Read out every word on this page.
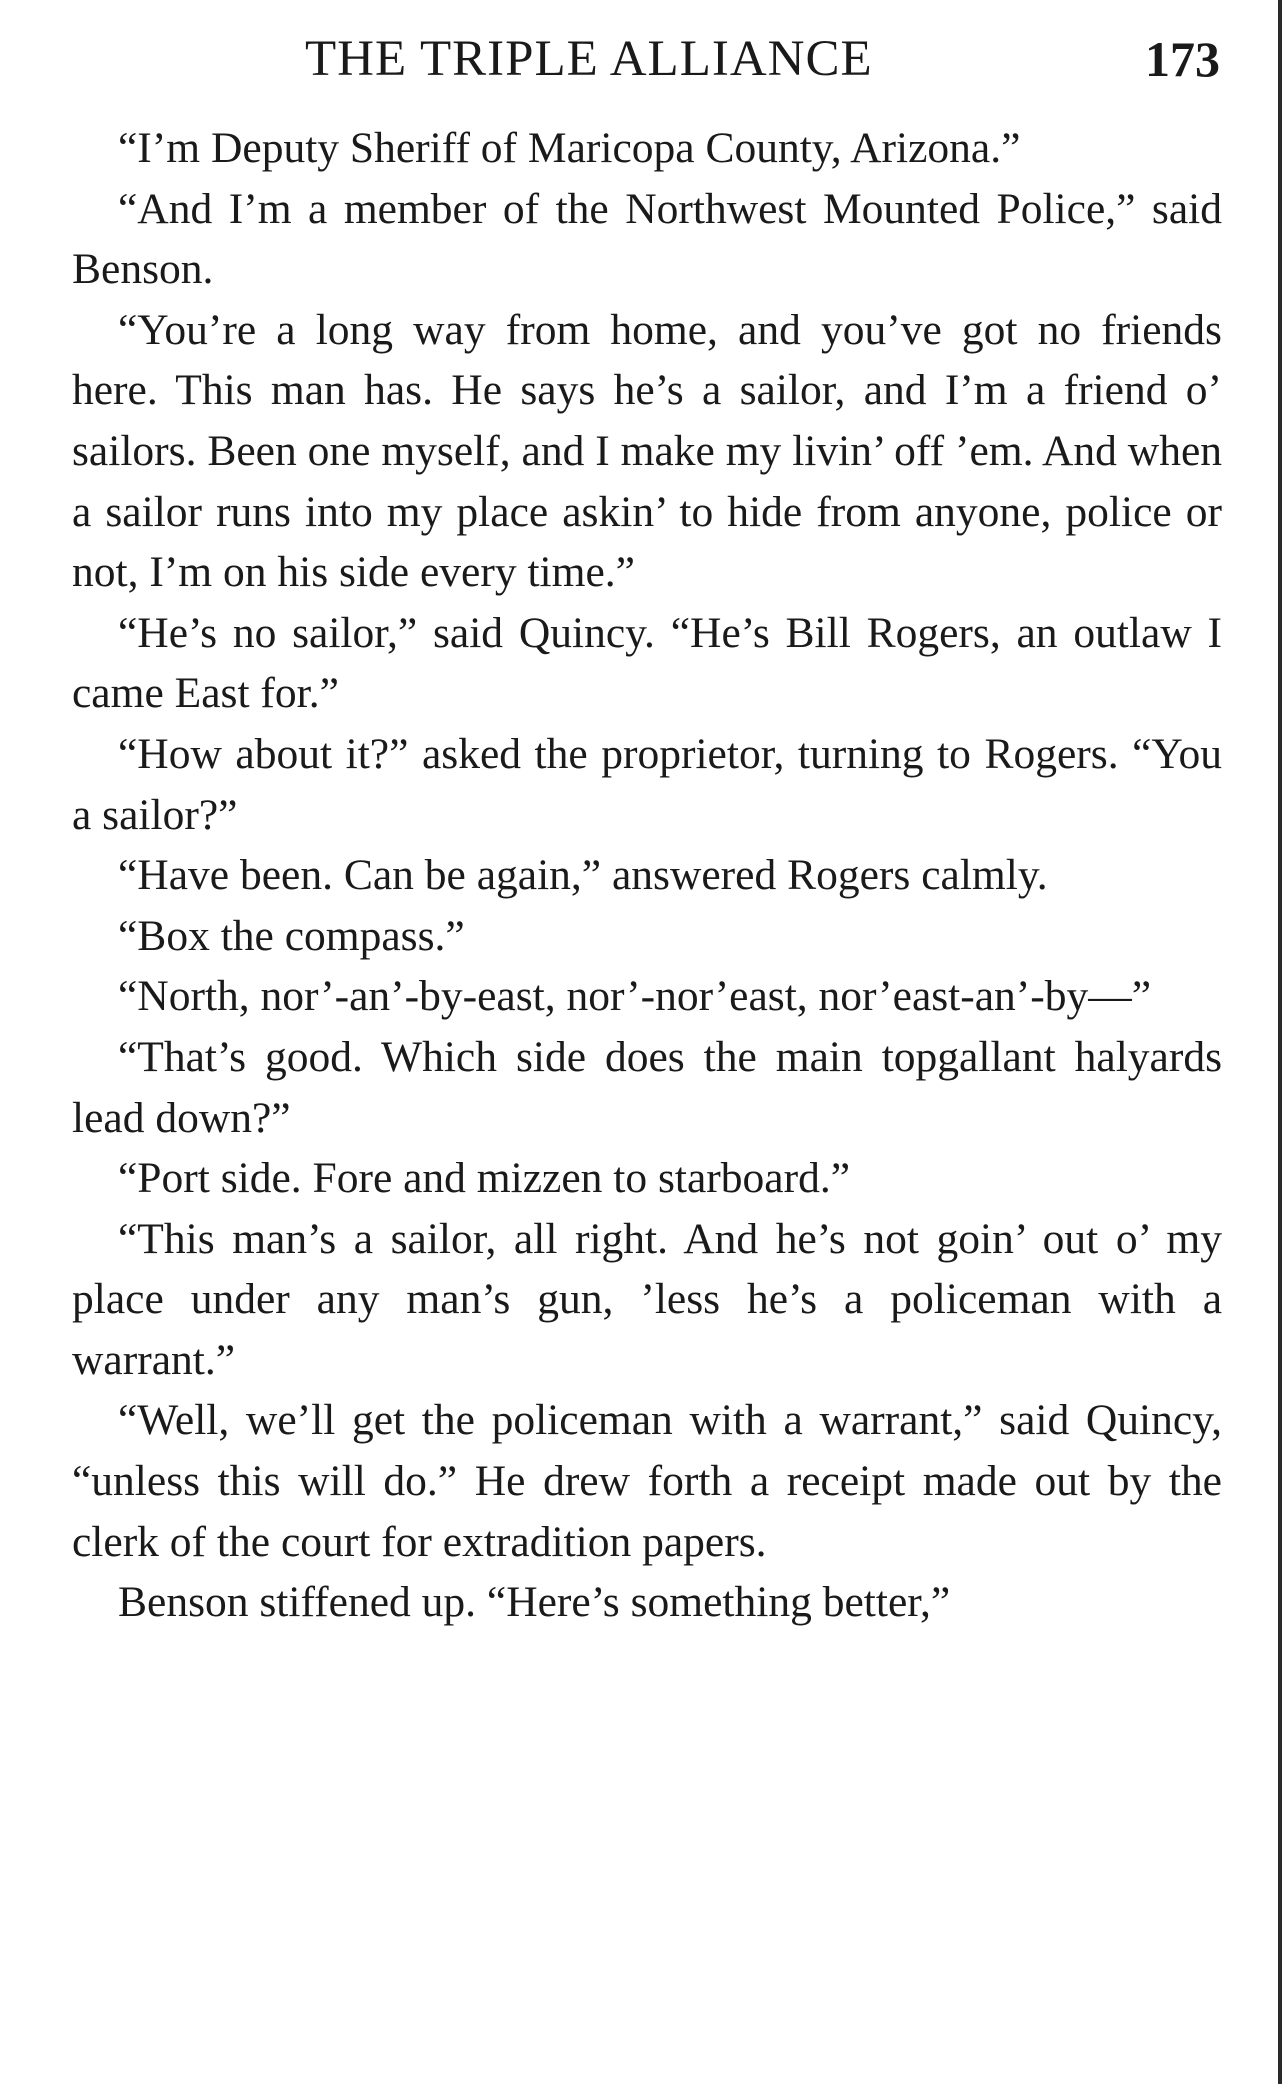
THE TRIPLE ALLIANCE	173

“I’m Deputy Sheriff of Maricopa County, Arizona.”

“And I’m a member of the Northwest Mounted Police,” said Benson.

“You’re a long way from home, and you’ve got no friends here. This man has. He says he’s a sailor, and I’m a friend o’ sailors. Been one myself, and I make my livin’ off ’em. And when a sailor runs into my place askin’ to hide from anyone, police or not, I’m on his side every time.”

“He’s no sailor,” said Quincy. “He’s Bill Rogers, an outlaw I came East for.”

“How about it?” asked the proprietor, turning to Rogers. “You a sailor?”

“Have been. Can be again,” answered Rogers calmly.

“Box the compass.”

“North, nor’-an’-by-east, nor’-nor’east, nor’east-an’-by—”

“That’s good. Which side does the main topgallant halyards lead down?”

“Port side. Fore and mizzen to starboard.”

“This man’s a sailor, all right. And he’s not goin’ out o’ my place under any man’s gun, ’less he’s a policeman with a warrant.”

“Well, we’ll get the policeman with a warrant,” said Quincy, “unless this will do.” He drew forth a receipt made out by the clerk of the court for extradition papers.

Benson stiffened up. “Here’s something better,”
